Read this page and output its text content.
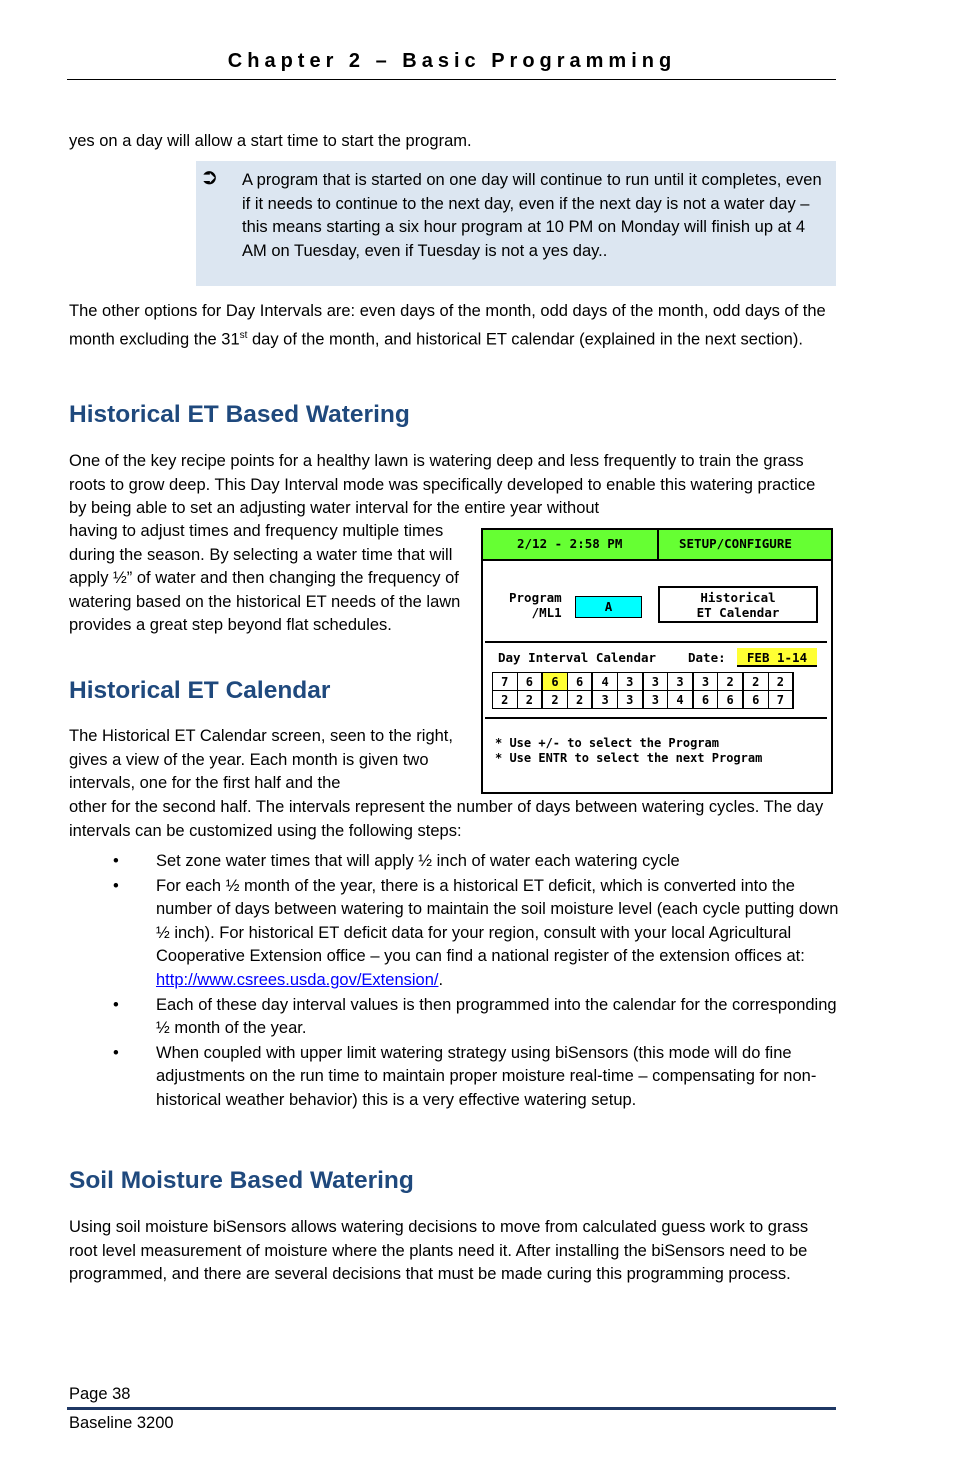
Chapter 2 – Basic Programming

yes on a day will allow a start time to start the program.

➲ A program that is started on one day will continue to run until it completes, even if it needs to continue to the next day, even if the next day is not a water day – this means starting a six hour program at 10 PM on Monday will finish up at 4 AM on Tuesday, even if Tuesday is not a yes day..

The other options for Day Intervals are: even days of the month, odd days of the month, odd days of the month excluding the 31st day of the month, and historical ET calendar (explained in the next section).

Historical ET Based Watering

One of the key recipe points for a healthy lawn is watering deep and less frequently to train the grass roots to grow deep. This Day Interval mode was specifically developed to enable this watering practice by being able to set an adjusting water interval for the entire year without

having to adjust times and frequency multiple times during the season. By selecting a water time that will apply ½” of water and then changing the frequency of watering based on the historical ET needs of the lawn provides a great step beyond flat schedules.

Historical ET Calendar

The Historical ET Calendar screen, seen to the right, gives a view of the year. Each month is given two intervals, one for the first half and the

other for the second half. The intervals represent the number of days between watering cycles. The day intervals can be customized using the following steps:

2/12 - 2:58 PM	SETUP/CONFIGURE
Program
/ML1	A
Historical
ET Calendar
Day Interval Calendar	Date:	FEB 1-14
7	6	6	6	4	3	3	3	3	2	2	2
2	2	2	2	3	3	3	4	6	6	6	7
* Use +/- to select the Program
* Use ENTR to select the next Program
• Set zone water times that will apply ½ inch of water each watering cycle
• For each ½ month of the year, there is a historical ET deficit, which is converted into the number of days between watering to maintain the soil moisture level (each cycle putting down ½ inch). For historical ET deficit data for your region, consult with your local Agricultural Cooperative Extension office – you can find a national register of the extension offices at: http://www.csrees.usda.gov/Extension/.
• Each of these day interval values is then programmed into the calendar for the corresponding ½ month of the year.
• When coupled with upper limit watering strategy using biSensors (this mode will do fine adjustments on the run time to maintain proper moisture real-time – compensating for non-historical weather behavior) this is a very effective watering setup.
Soil Moisture Based Watering

Using soil moisture biSensors allows watering decisions to move from calculated guess work to grass root level measurement of moisture where the plants need it. After installing the biSensors need to be programmed, and there are several decisions that must be made curing this programming process.

Page 38
Baseline 3200
